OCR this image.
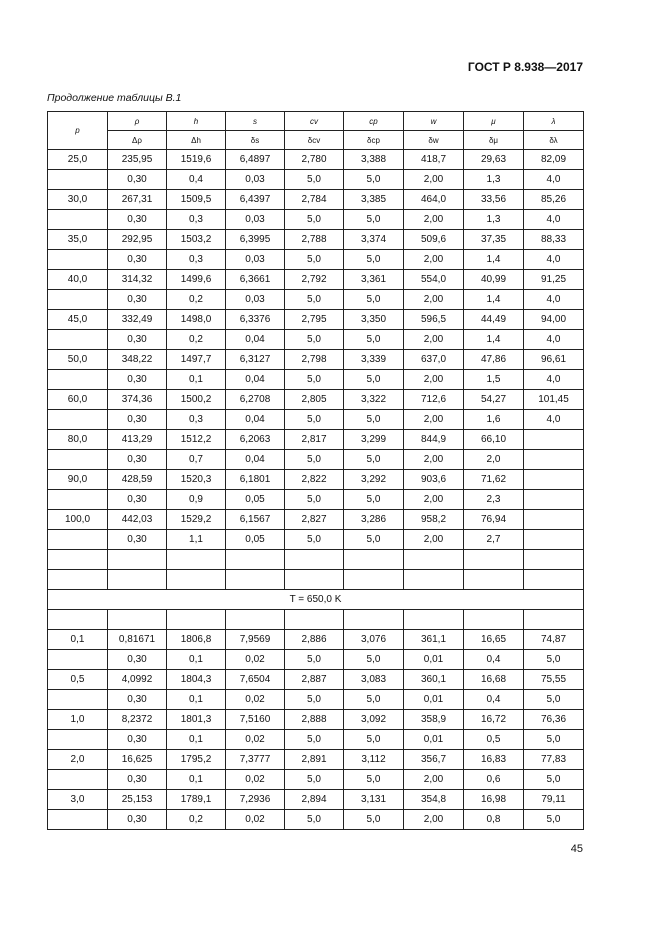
ГОСТ Р 8.938—2017
Продолжение таблицы В.1
p	ρ	h	s	cv	cp	w	μ	λ
	Δρ	Δh	δs	δcv	δcp	δw	δμ	δλ
25,0	235,95	1519,6	6,4897	2,780	3,388	418,7	29,63	82,09
	0,30	0,4	0,03	5,0	5,0	2,00	1,3	4,0
30,0	267,31	1509,5	6,4397	2,784	3,385	464,0	33,56	85,26
	0,30	0,3	0,03	5,0	5,0	2,00	1,3	4,0
35,0	292,95	1503,2	6,3995	2,788	3,374	509,6	37,35	88,33
	0,30	0,3	0,03	5,0	5,0	2,00	1,4	4,0
40,0	314,32	1499,6	6,3661	2,792	3,361	554,0	40,99	91,25
	0,30	0,2	0,03	5,0	5,0	2,00	1,4	4,0
45,0	332,49	1498,0	6,3376	2,795	3,350	596,5	44,49	94,00
	0,30	0,2	0,04	5,0	5,0	2,00	1,4	4,0
50,0	348,22	1497,7	6,3127	2,798	3,339	637,0	47,86	96,61
	0,30	0,1	0,04	5,0	5,0	2,00	1,5	4,0
60,0	374,36	1500,2	6,2708	2,805	3,322	712,6	54,27	101,45
	0,30	0,3	0,04	5,0	5,0	2,00	1,6	4,0
80,0	413,29	1512,2	6,2063	2,817	3,299	844,9	66,10	
	0,30	0,7	0,04	5,0	5,0	2,00	2,0	
90,0	428,59	1520,3	6,1801	2,822	3,292	903,6	71,62	
	0,30	0,9	0,05	5,0	5,0	2,00	2,3	
100,0	442,03	1529,2	6,1567	2,827	3,286	958,2	76,94	
	0,30	1,1	0,05	5,0	5,0	2,00	2,7	

T = 650,0 K								

0,1	0,81671	1806,8	7,9569	2,886	3,076	361,1	16,65	74,87
	0,30	0,1	0,02	5,0	5,0	0,01	0,4	5,0
0,5	4,0992	1804,3	7,6504	2,887	3,083	360,1	16,68	75,55
	0,30	0,1	0,02	5,0	5,0	0,01	0,4	5,0
1,0	8,2372	1801,3	7,5160	2,888	3,092	358,9	16,72	76,36
	0,30	0,1	0,02	5,0	5,0	0,01	0,5	5,0
2,0	16,625	1795,2	7,3777	2,891	3,112	356,7	16,83	77,83
	0,30	0,1	0,02	5,0	5,0	2,00	0,6	5,0
3,0	25,153	1789,1	7,2936	2,894	3,131	354,8	16,98	79,11
	0,30	0,2	0,02	5,0	5,0	2,00	0,8	5,0
45
